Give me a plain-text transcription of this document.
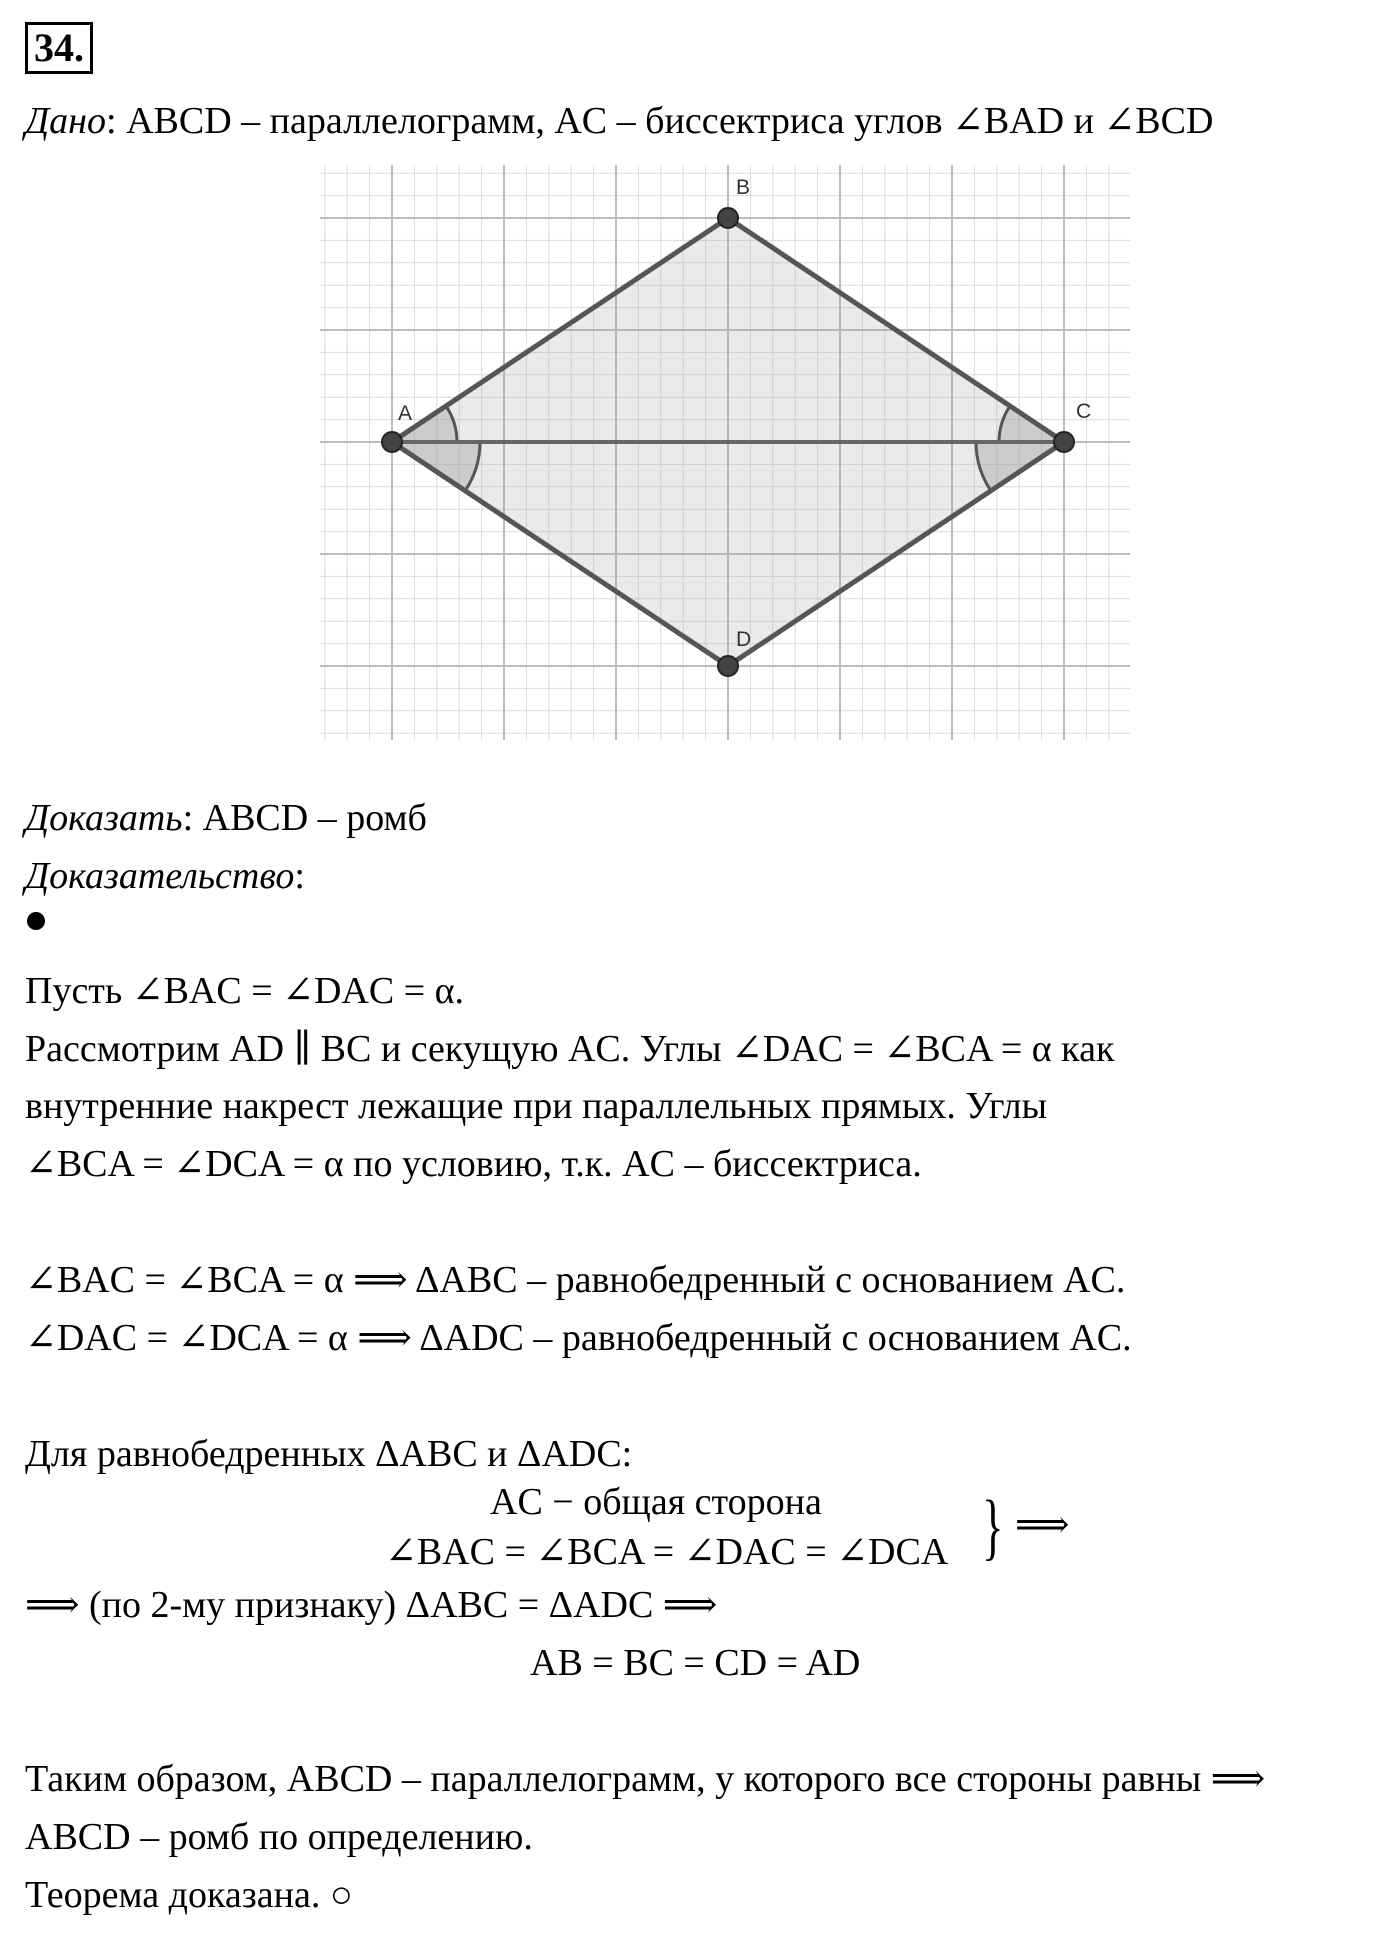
34.
Дано: ABCD – параллелограмм, AC – биссектриса углов ∠BAD и ∠BCD
A
B
C
D
Доказать: ABCD – ромб
Доказательство:
Пусть ∠BAC = ∠DAC = α.
Рассмотрим AD ∥ BC и секущую AC. Углы ∠DAC = ∠BCA = α как
внутренние накрест лежащие при параллельных прямых. Углы
∠BCA = ∠DCA = α по условию, т.к. AC – биссектриса.
∠BAC = ∠BCA = α ⟹ ΔABC – равнобедренный с основанием AC.
∠DAC = ∠DCA = α ⟹ ΔADC – равнобедренный с основанием AC.
Для равнобедренных ΔABC и ΔADC:
AC − общая сторона
∠BAC = ∠BCA = ∠DAC = ∠DCA } ⟹
⟹ (по 2-му признаку) ΔABC = ΔADC ⟹
AB = BC = CD = AD
Таким образом, ABCD – параллелограмм, у которого все стороны равны ⟹
ABCD – ромб по определению.
Теорема доказана. ○
